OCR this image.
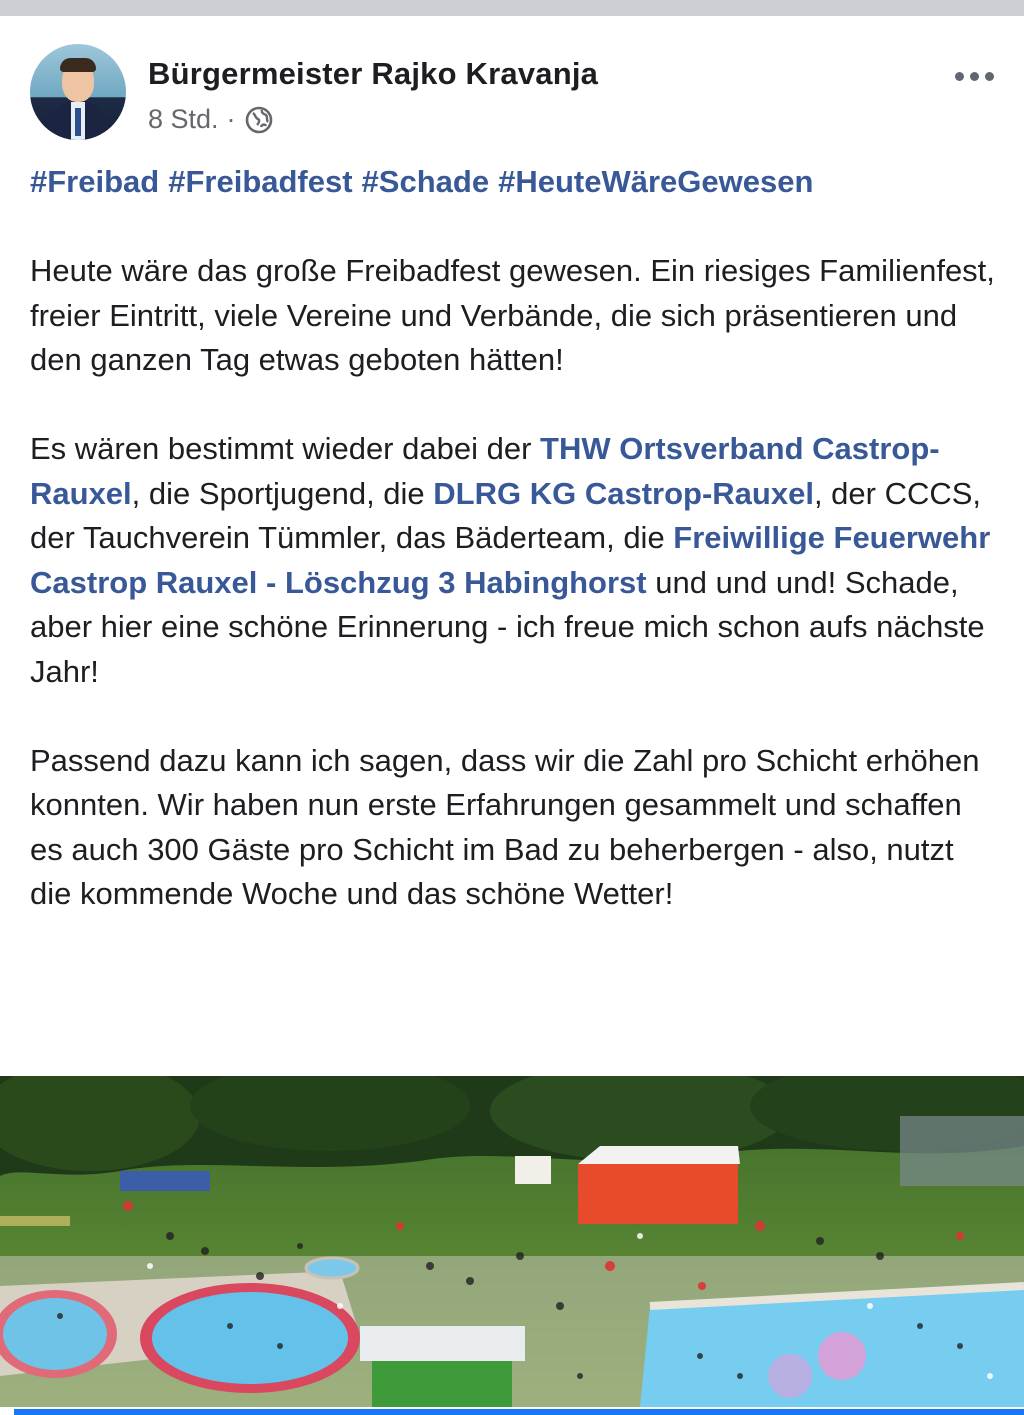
Bürgermeister Rajko Kravanja
8 Std. ·

#Freibad #Freibadfest #Schade #HeuteWäreGewesen

Heute wäre das große Freibadfest gewesen. Ein riesiges Familienfest, freier Eintritt, viele Vereine und Verbände, die sich präsentieren und den ganzen Tag etwas geboten hätten!

Es wären bestimmt wieder dabei der THW Ortsverband Castrop-Rauxel, die Sportjugend, die DLRG KG Castrop-Rauxel, der CCCS, der Tauchverein Tümmler, das Bäderteam, die Freiwillige Feuerwehr Castrop Rauxel - Löschzug 3 Habinghorst und und und! Schade, aber hier eine schöne Erinnerung - ich freue mich schon aufs nächste Jahr!

Passend dazu kann ich sagen, dass wir die Zahl pro Schicht erhöhen konnten. Wir haben nun erste Erfahrungen gesammelt und schaffen es auch 300 Gäste pro Schicht im Bad zu beherbergen - also, nutzt die kommende Woche und das schöne Wetter!
